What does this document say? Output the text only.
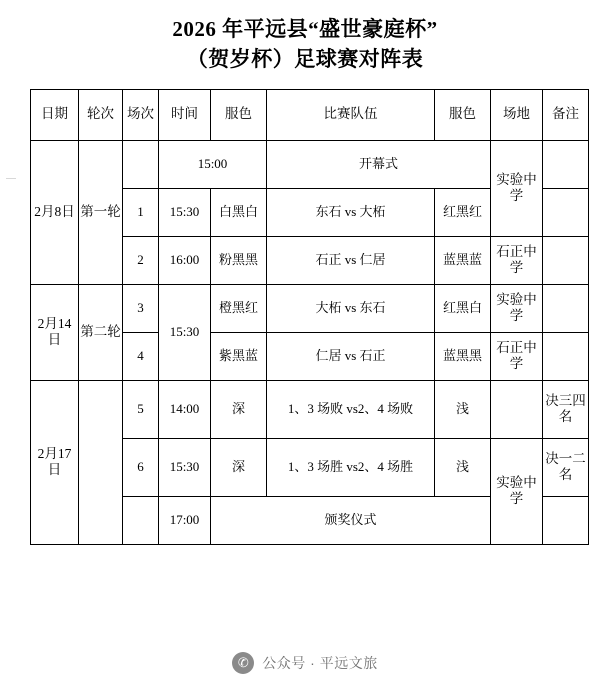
2026 年平远县“盛世豪庭杯”
（贺岁杯）足球赛对阵表
日期	轮次	场次	时间	服色	比赛队伍	服色	场地	备注
2月8日	第一轮		15:00		开幕式		实验中学	
		1	15:30	白黑白	东石 vs 大柘	红黑红		
		2	16:00	粉黑黑	石正 vs 仁居	蓝黑蓝	石正中学	
2月14日	第二轮	3	15:30	橙黑红	大柘 vs 东石	红黑白	实验中学	
		4		紫黑蓝	仁居 vs 石正	蓝黑黑	石正中学	
2月17日		5	14:00	深	1、3 场败 vs2、4 场败	浅		决三四名
		6	15:30	深	1、3 场胜 vs2、4 场胜	浅	实验中学	决一二名
			17:00	颁奖仪式				
✆ 公众号 · 平远文旅
